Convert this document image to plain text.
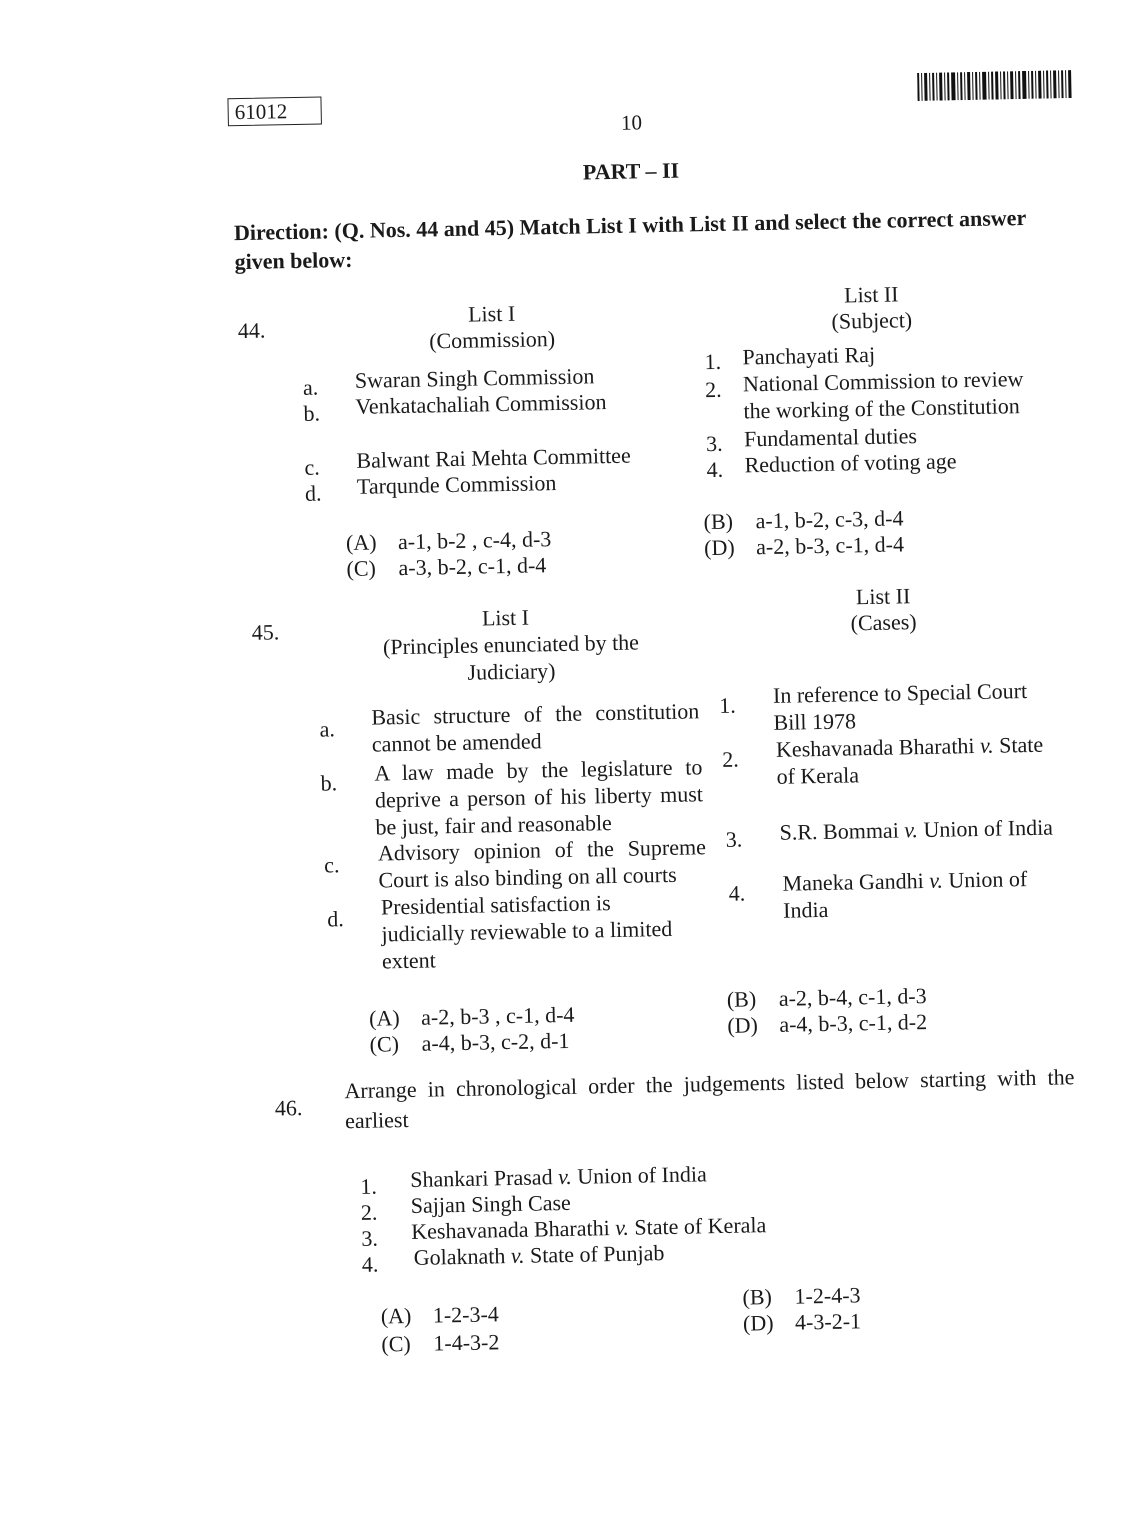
61012	10
PART – II
Direction: (Q. Nos. 44 and 45) Match List I with List II and select the correct answer given below:
44.
List I
(Commission)
List II
(Subject)
a. Swaran Singh Commission
b. Venkatachaliah Commission
c. Balwant Rai Mehta Committee
d. Tarqunde Commission
1. Panchayati Raj
2. National Commission to review the working of the Constitution
3. Fundamental duties
4. Reduction of voting age
(A) a-1, b-2 , c-4, d-3
(C) a-3, b-2, c-1, d-4
(B) a-1, b-2, c-3, d-4
(D) a-2, b-3, c-1, d-4
45.
List I
(Principles enunciated by the Judiciary)
List II
(Cases)
a. Basic structure of the constitution cannot be amended
b. A law made by the legislature to deprive a person of his liberty must be just, fair and reasonable
c. Advisory opinion of the Supreme Court is also binding on all courts
d. Presidential satisfaction is judicially reviewable to a limited extent
1. In reference to Special Court Bill 1978
2. Keshavanada Bharathi v. State of Kerala
3. S.R. Bommai v. Union of India
4. Maneka Gandhi v. Union of India
(A) a-2, b-3 , c-1, d-4
(C) a-4, b-3, c-2, d-1
(B) a-2, b-4, c-1, d-3
(D) a-4, b-3, c-1, d-2
46.
Arrange in chronological order the judgements listed below starting with the earliest
1. Shankari Prasad v. Union of India
2. Sajjan Singh Case
3. Keshavanada Bharathi v. State of Kerala
4. Golaknath v. State of Punjab
(A) 1-2-3-4
(C) 1-4-3-2
(B) 1-2-4-3
(D) 4-3-2-1
